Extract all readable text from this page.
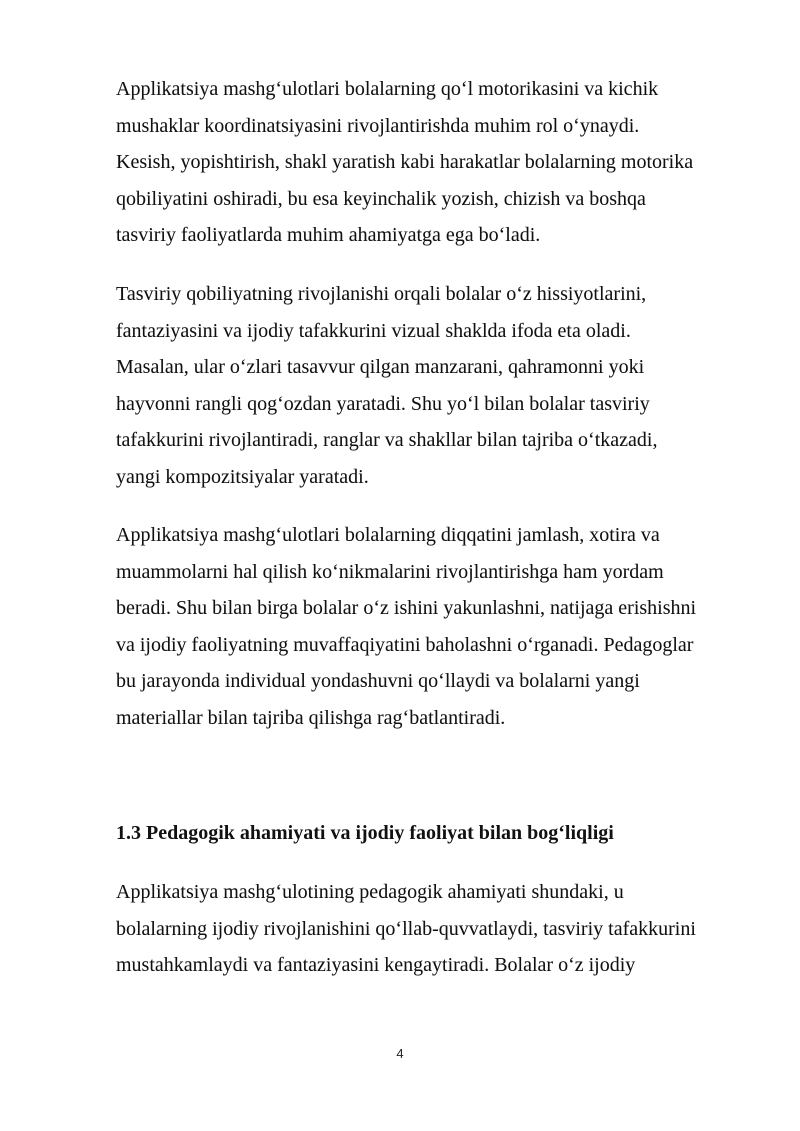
Applikatsiya mashg‘ulotlari bolalarning qo‘l motorikasini va kichik
mushaklar koordinatsiyasini rivojlantirishda muhim rol o‘ynaydi.
Kesish, yopishtirish, shakl yaratish kabi harakatlar bolalarning motorika
qobiliyatini oshiradi, bu esa keyinchalik yozish, chizish va boshqa
tasviriy faoliyatlarda muhim ahamiyatga ega bo‘ladi.

Tasviriy qobiliyatning rivojlanishi orqali bolalar o‘z hissiyotlarini,
fantaziyasini va ijodiy tafakkurini vizual shaklda ifoda eta oladi.
Masalan, ular o‘zlari tasavvur qilgan manzarani, qahramonni yoki
hayvonni rangli qog‘ozdan yaratadi. Shu yo‘l bilan bolalar tasviriy
tafakkurini rivojlantiradi, ranglar va shakllar bilan tajriba o‘tkazadi,
yangi kompozitsiyalar yaratadi.

Applikatsiya mashg‘ulotlari bolalarning diqqatini jamlash, xotira va
muammolarni hal qilish ko‘nikmalarini rivojlantirishga ham yordam
beradi. Shu bilan birga bolalar o‘z ishini yakunlashni, natijaga erishishni
va ijodiy faoliyatning muvaffaqiyatini baholashni o‘rganadi. Pedagoglar
bu jarayonda individual yondashuvni qo‘llaydi va bolalarni yangi
materiallar bilan tajriba qilishga rag‘batlantiradi.

1.3 Pedagogik ahamiyati va ijodiy faoliyat bilan bog‘liqligi

Applikatsiya mashg‘ulotining pedagogik ahamiyati shundaki, u
bolalarning ijodiy rivojlanishini qo‘llab-quvvatlaydi, tasviriy tafakkurini
mustahkamlaydi va fantaziyasini kengaytiradi. Bolalar o‘z ijodiy

4
